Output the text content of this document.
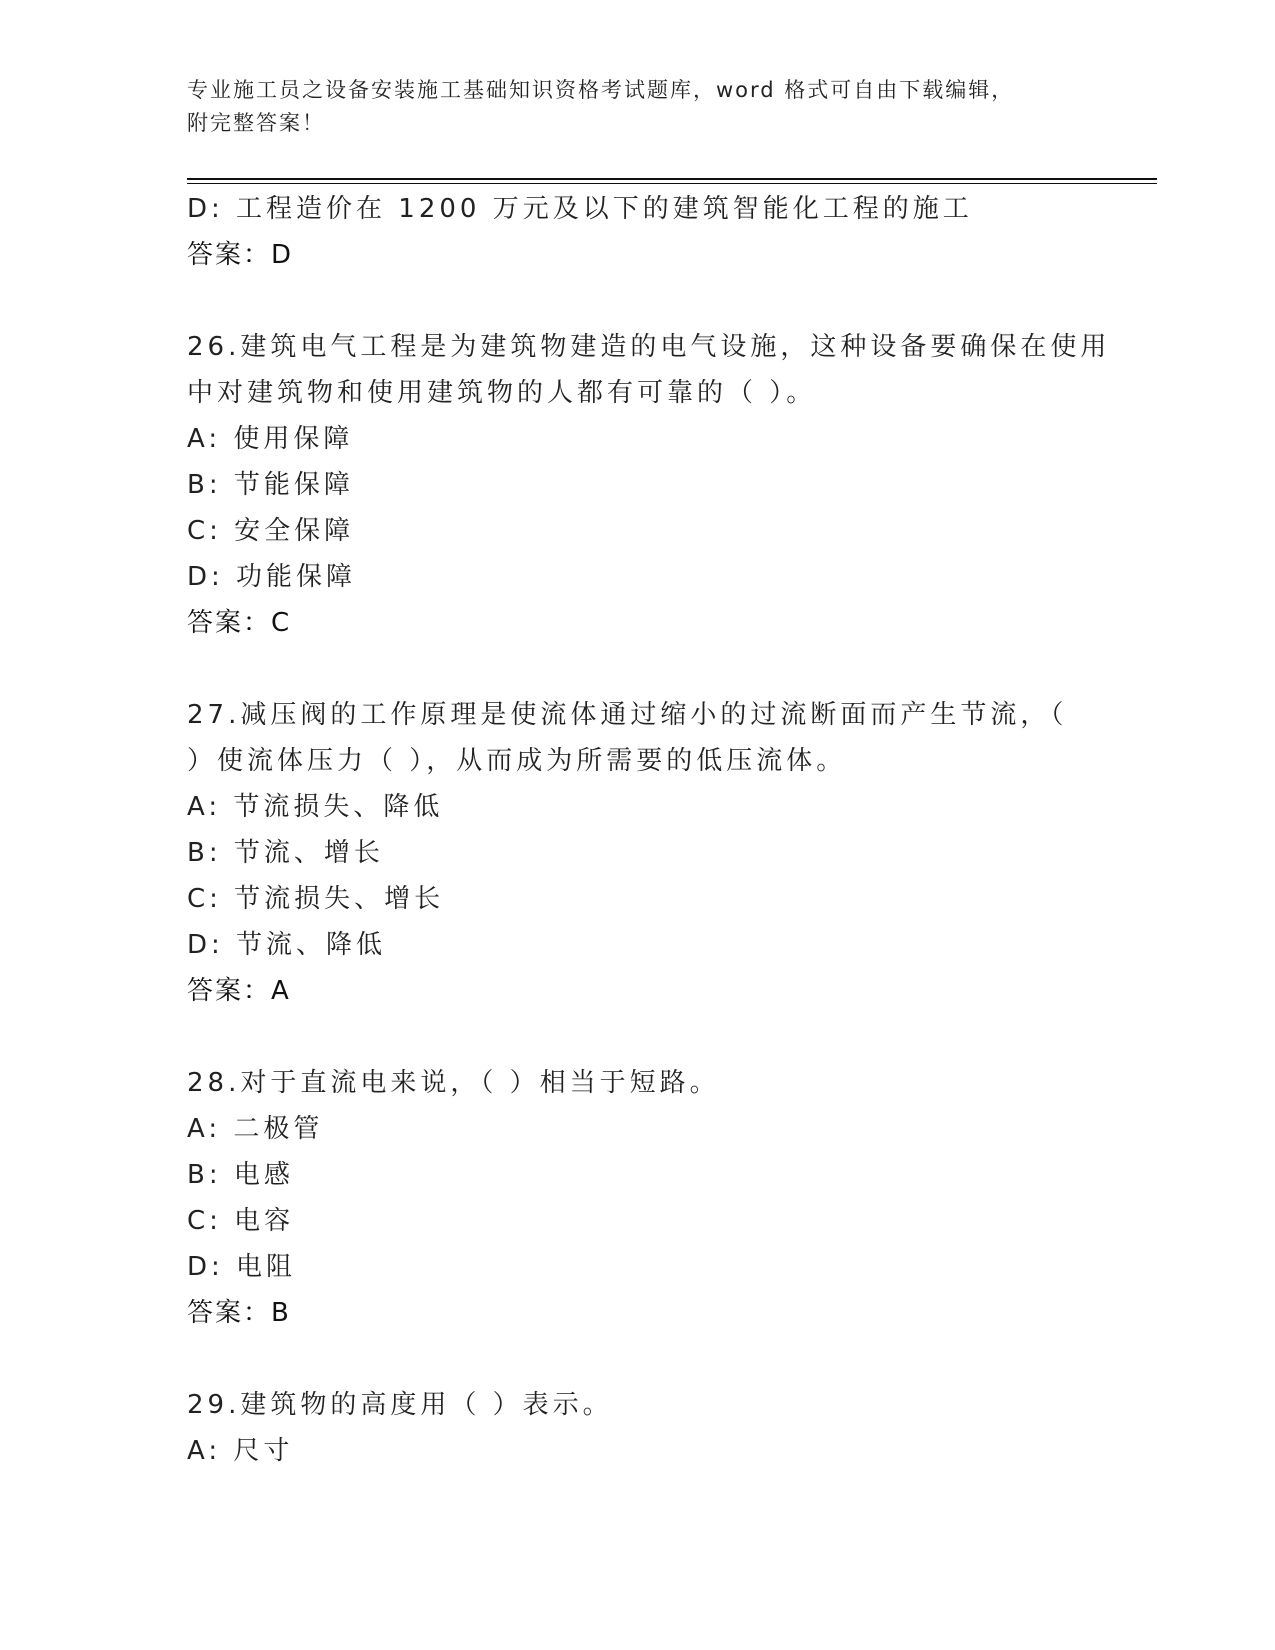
专业施工员之设备安装施工基础知识资格考试题库，word 格式可自由下载编辑，
附完整答案！
D: 工程造价在 1200 万元及以下的建筑智能化工程的施工
答案：D
26.建筑电气工程是为建筑物建造的电气设施，这种设备要确保在使用
中对建筑物和使用建筑物的人都有可靠的（ ）。
A: 使用保障
B: 节能保障
C: 安全保障
D: 功能保障
答案：C
27.减压阀的工作原理是使流体通过缩小的过流断面而产生节流，（
）使流体压力（ ），从而成为所需要的低压流体。
A: 节流损失、降低
B: 节流、增长
C: 节流损失、增长
D: 节流、降低
答案：A
28.对于直流电来说，（ ）相当于短路。
A: 二极管
B: 电感
C: 电容
D: 电阻
答案：B
29.建筑物的高度用（ ）表示。
A: 尺寸
